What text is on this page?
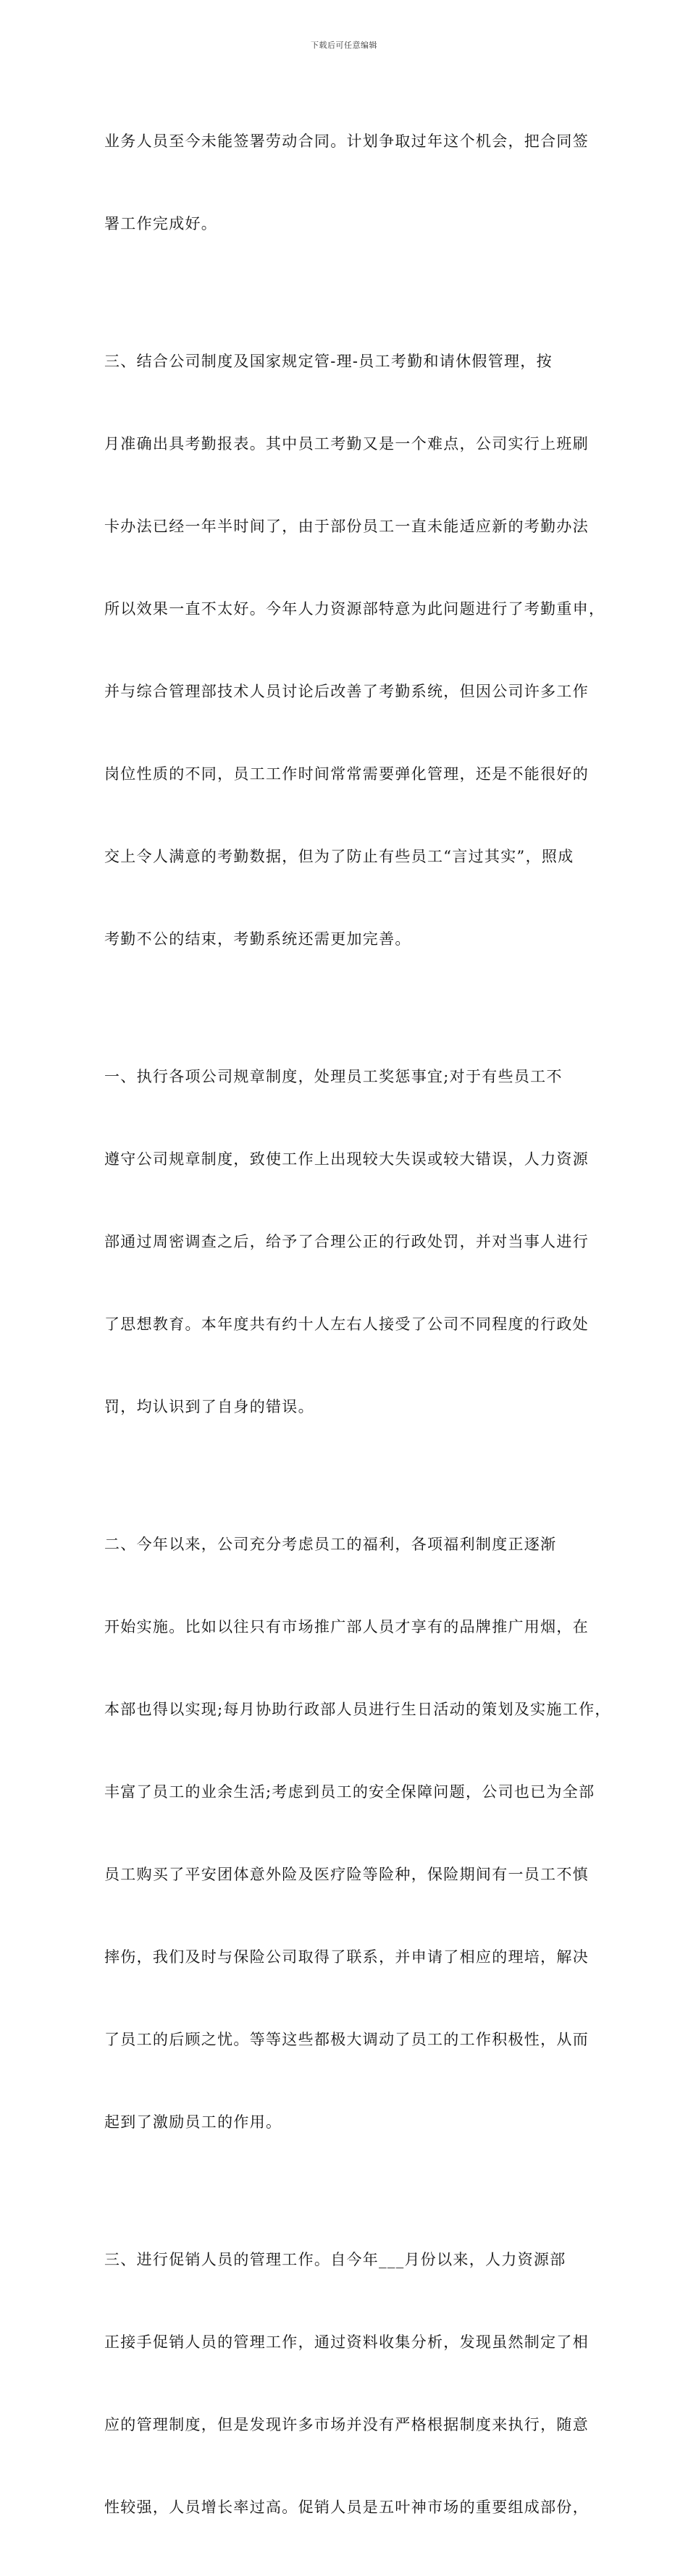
下载后可任意编辑

业务人员至今未能签署劳动合同。计划争取过年这个机会，把合同签

署工作完成好。

三、结合公司制度及国家规定管-理-员工考勤和请休假管理，按

月准确出具考勤报表。其中员工考勤又是一个难点，公司实行上班刷

卡办法已经一年半时间了，由于部份员工一直未能适应新的考勤办法

所以效果一直不太好。今年人力资源部特意为此问题进行了考勤重申，

并与综合管理部技术人员讨论后改善了考勤系统，但因公司许多工作

岗位性质的不同，员工工作时间常常需要弹化管理，还是不能很好的

交上令人满意的考勤数据，但为了防止有些员工“言过其实”，照成

考勤不公的结束，考勤系统还需更加完善。

一、执行各项公司规章制度，处理员工奖惩事宜;对于有些员工不

遵守公司规章制度，致使工作上出现较大失误或较大错误，人力资源

部通过周密调查之后，给予了合理公正的行政处罚，并对当事人进行

了思想教育。本年度共有约十人左右人接受了公司不同程度的行政处

罚，均认识到了自身的错误。

二、今年以来，公司充分考虑员工的福利，各项福利制度正逐渐

开始实施。比如以往只有市场推广部人员才享有的品牌推广用烟，在

本部也得以实现;每月协助行政部人员进行生日活动的策划及实施工作，

丰富了员工的业余生活;考虑到员工的安全保障问题，公司也已为全部

员工购买了平安团体意外险及医疗险等险种，保险期间有一员工不慎

摔伤，我们及时与保险公司取得了联系，并申请了相应的理培，解决

了员工的后顾之忧。等等这些都极大调动了员工的工作积极性，从而

起到了激励员工的作用。

三、进行促销人员的管理工作。自今年___月份以来，人力资源部

正接手促销人员的管理工作，通过资料收集分析，发现虽然制定了相

应的管理制度，但是发现许多市场并没有严格根据制度来执行，随意

性较强，人员增长率过高。促销人员是五叶神市场的重要组成部份，
